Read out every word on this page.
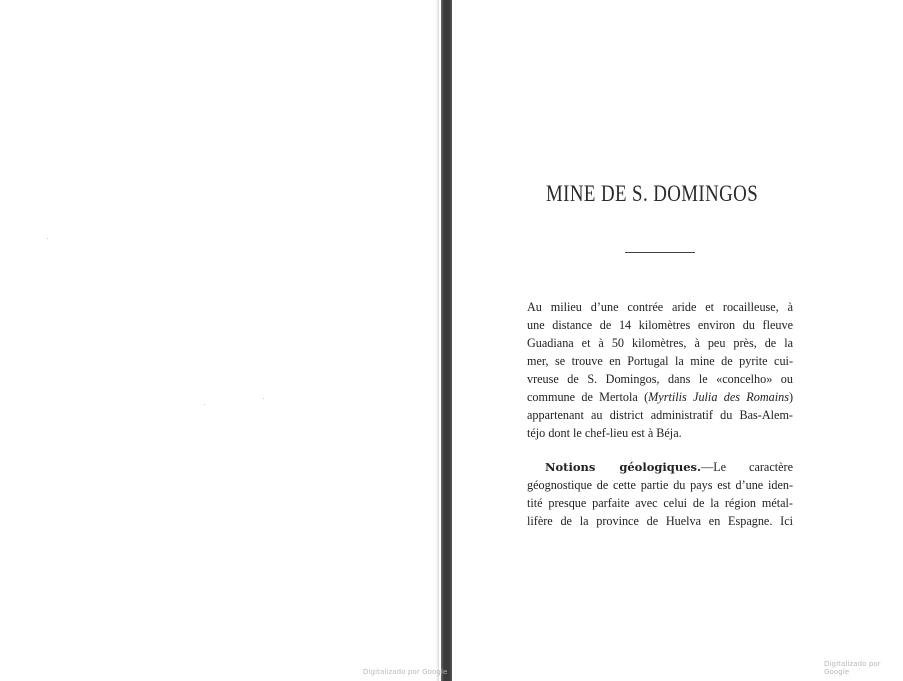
Digitalizado por Google
Digitalizado por Google
MINE DE S. DOMINGOS
Au milieu d’une contrée aride et rocailleuse, à
une distance de 14 kilomètres environ du fleuve
Guadiana et à 50 kilomètres, à peu près, de la
mer, se trouve en Portugal la mine de pyrite cui-
vreuse de S. Domingos, dans le «concelho» ou
commune de Mertola (Myrtilis Julia des Romains)
appartenant au district administratif du Bas-Alem-
téjo dont le chef-lieu est à Béja.
Notions géologiques.—Le caractère
géognostique de cette partie du pays est d’une iden-
tité presque parfaite avec celui de la région métal-
lifère de la province de Huelva en Espagne. Ici
